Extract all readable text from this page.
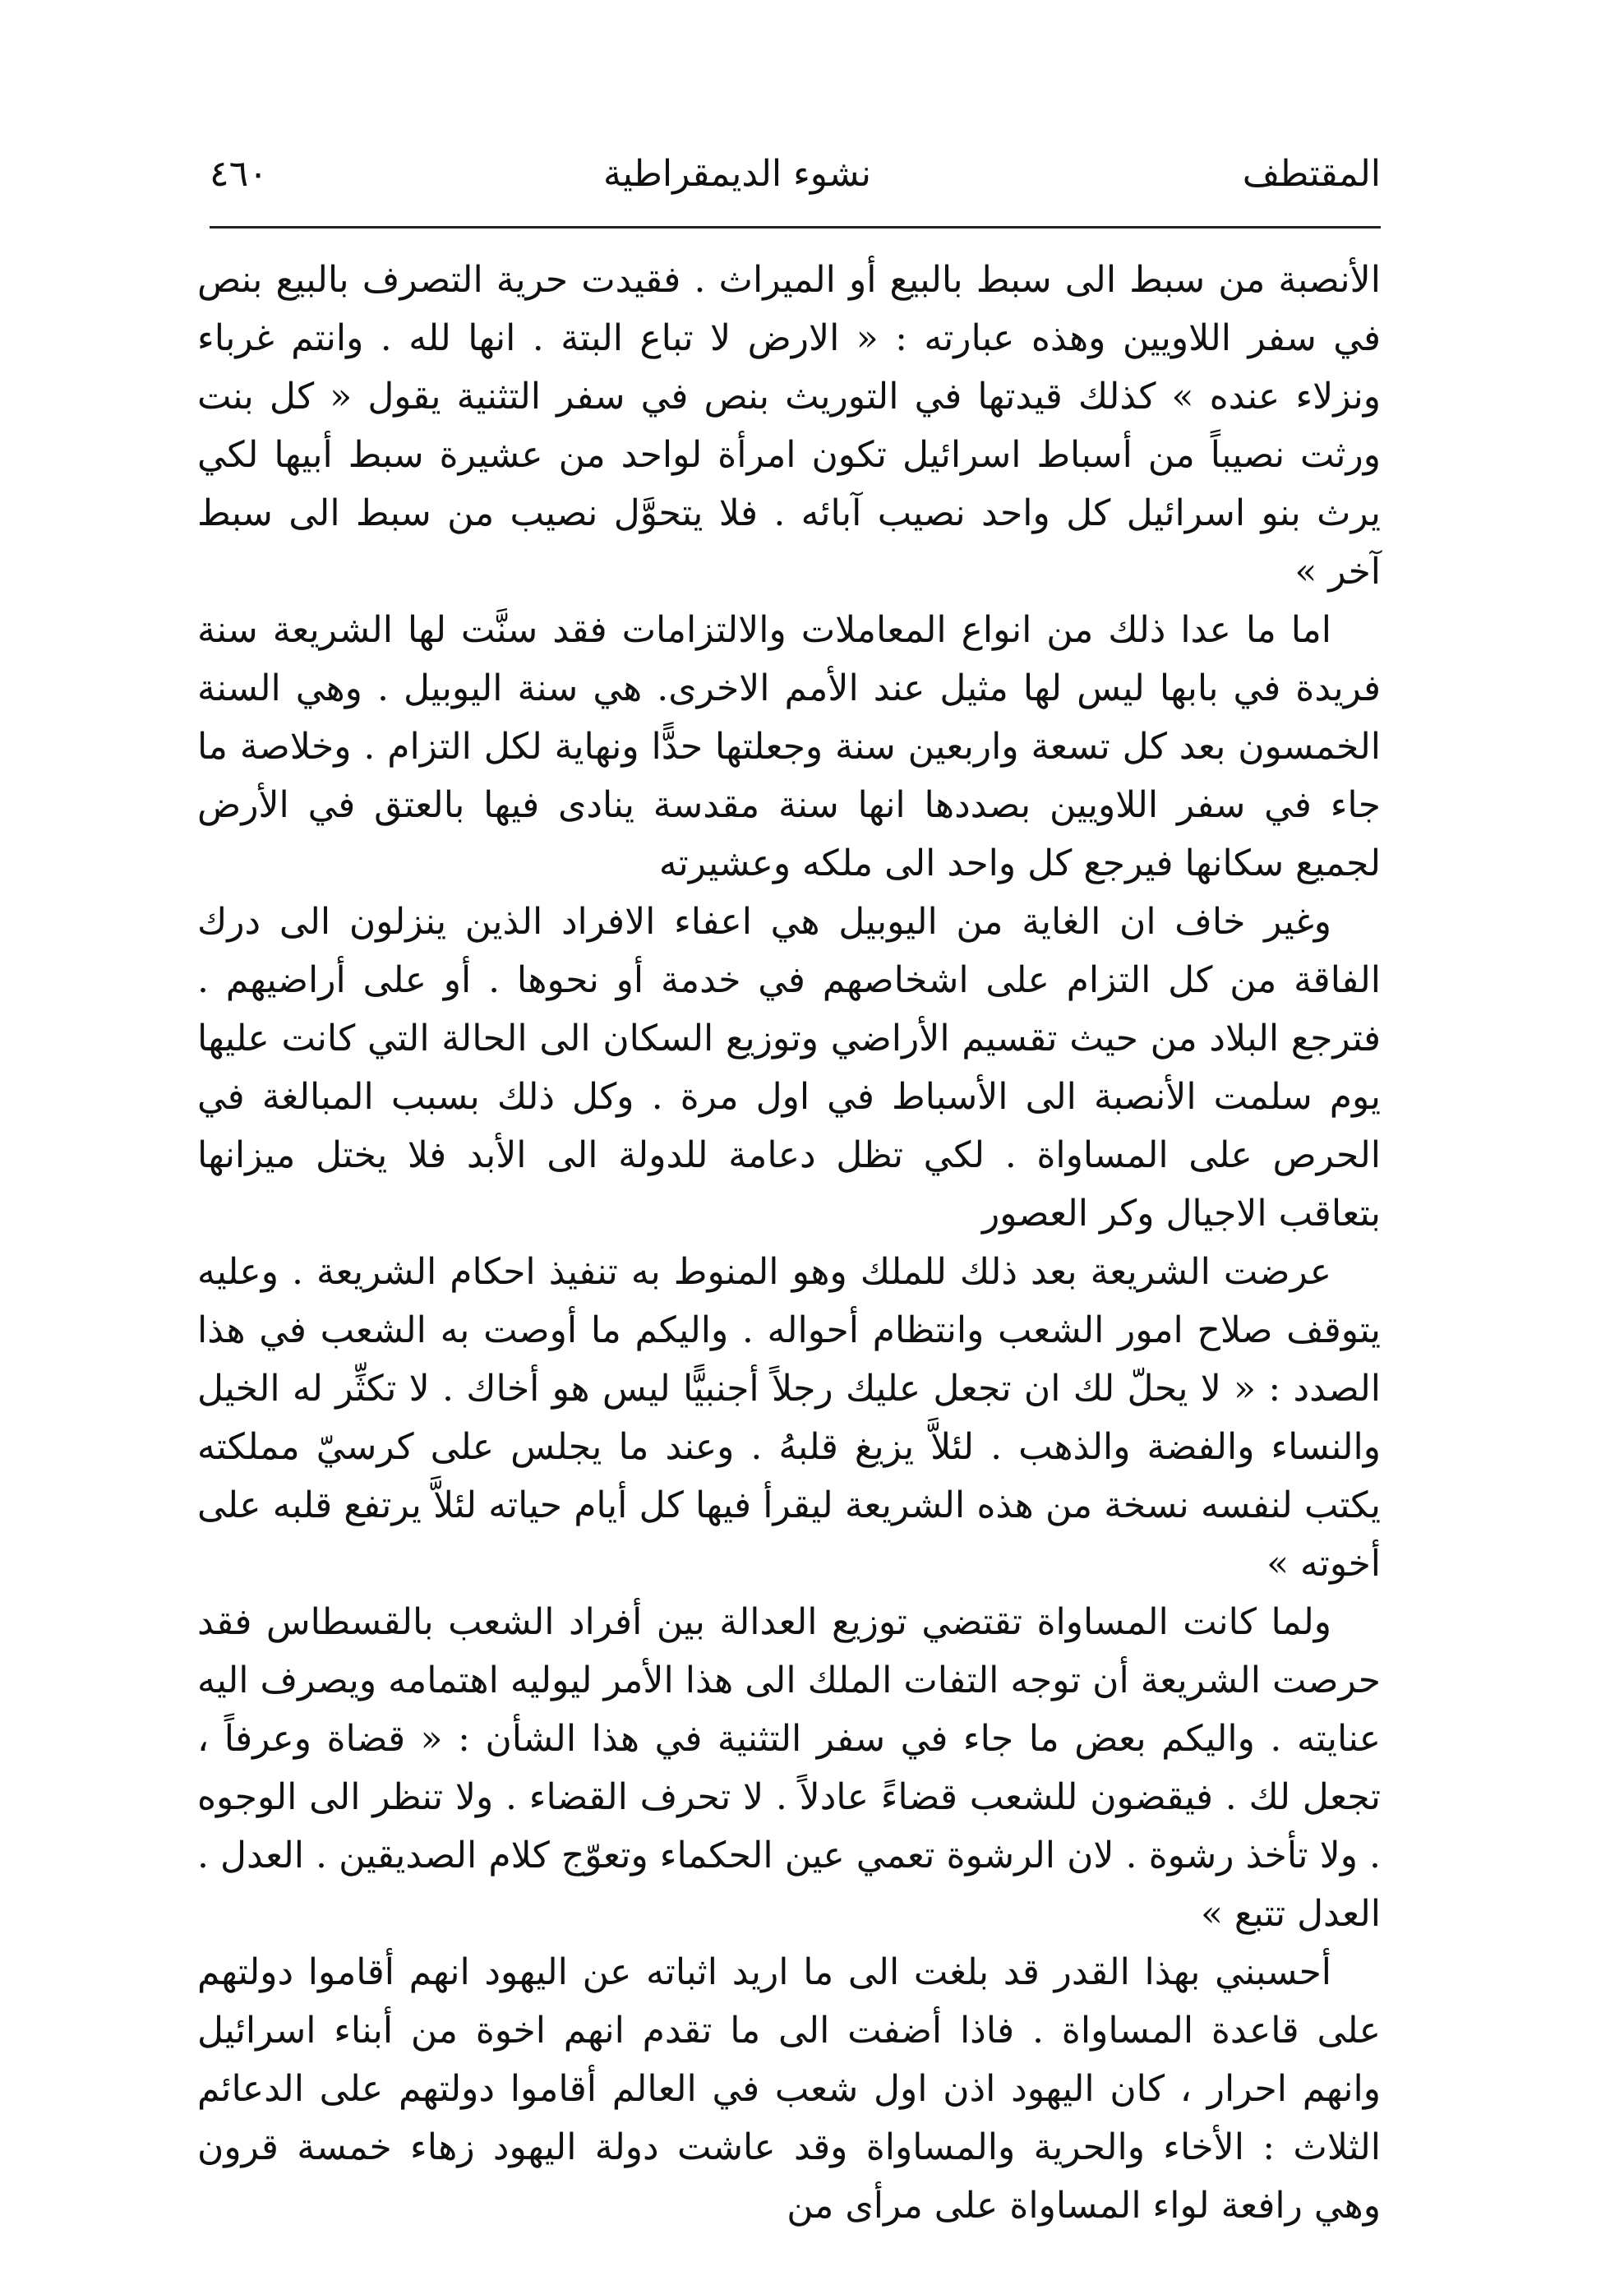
المقتطف
نشوء الديمقراطية
٤٦٠

الأنصبة من سبط الى سبط بالبيع أو الميراث . فقيدت حرية التصرف بالبيع بنص في سفر اللاويين وهذه عبارته : « الارض لا تباع البتة . انها لله . وانتم غرباء ونزلاء عنده » كذلك قيدتها في التوريث بنص في سفر التثنية يقول « كل بنت ورثت نصيباً من أسباط اسرائيل تكون امرأة لواحد من عشيرة سبط أبيها لكي يرث بنو اسرائيل كل واحد نصيب آبائه . فلا يتحوَّل نصيب من سبط الى سبط آخر »

اما ما عدا ذلك من انواع المعاملات والالتزامات فقد سنَّت لها الشريعة سنة فريدة في بابها ليس لها مثيل عند الأمم الاخرى. هي سنة اليوبيل . وهي السنة الخمسون بعد كل تسعة واربعين سنة وجعلتها حدًّا ونهاية لكل التزام . وخلاصة ما جاء في سفر اللاويين بصددها انها سنة مقدسة ينادى فيها بالعتق في الأرض لجميع سكانها فيرجع كل واحد الى ملكه وعشيرته

وغير خاف ان الغاية من اليوبيل هي اعفاء الافراد الذين ينزلون الى درك الفاقة من كل التزام على اشخاصهم في خدمة أو نحوها . أو على أراضيهم . فترجع البلاد من حيث تقسيم الأراضي وتوزيع السكان الى الحالة التي كانت عليها يوم سلمت الأنصبة الى الأسباط في اول مرة . وكل ذلك بسبب المبالغة في الحرص على المساواة . لكي تظل دعامة للدولة الى الأبد فلا يختل ميزانها بتعاقب الاجيال وكر العصور

عرضت الشريعة بعد ذلك للملك وهو المنوط به تنفيذ احكام الشريعة . وعليه يتوقف صلاح امور الشعب وانتظام أحواله . واليكم ما أوصت به الشعب في هذا الصدد : « لا يحلّ لك ان تجعل عليك رجلاً أجنبيًّا ليس هو أخاك . لا تكثِّر له الخيل والنساء والفضة والذهب . لئلاَّ يزيغ قلبهُ . وعند ما يجلس على كرسيّ مملكته يكتب لنفسه نسخة من هذه الشريعة ليقرأ فيها كل أيام حياته لئلاَّ يرتفع قلبه على أخوته »

ولما كانت المساواة تقتضي توزيع العدالة بين أفراد الشعب بالقسطاس فقد حرصت الشريعة أن توجه التفات الملك الى هذا الأمر ليوليه اهتمامه ويصرف اليه عنايته . واليكم بعض ما جاء في سفر التثنية في هذا الشأن : « قضاة وعرفاً ، تجعل لك . فيقضون للشعب قضاءً عادلاً . لا تحرف القضاء . ولا تنظر الى الوجوه . ولا تأخذ رشوة . لان الرشوة تعمي عين الحكماء وتعوّج كلام الصديقين . العدل . العدل تتبع »

أحسبني بهذا القدر قد بلغت الى ما اريد اثباته عن اليهود انهم أقاموا دولتهم على قاعدة المساواة . فاذا أضفت الى ما تقدم انهم اخوة من أبناء اسرائيل وانهم احرار ، كان اليهود اذن اول شعب في العالم أقاموا دولتهم على الدعائم الثلاث : الأخاء والحرية والمساواة وقد عاشت دولة اليهود زهاء خمسة قرون وهي رافعة لواء المساواة على مرأى من
